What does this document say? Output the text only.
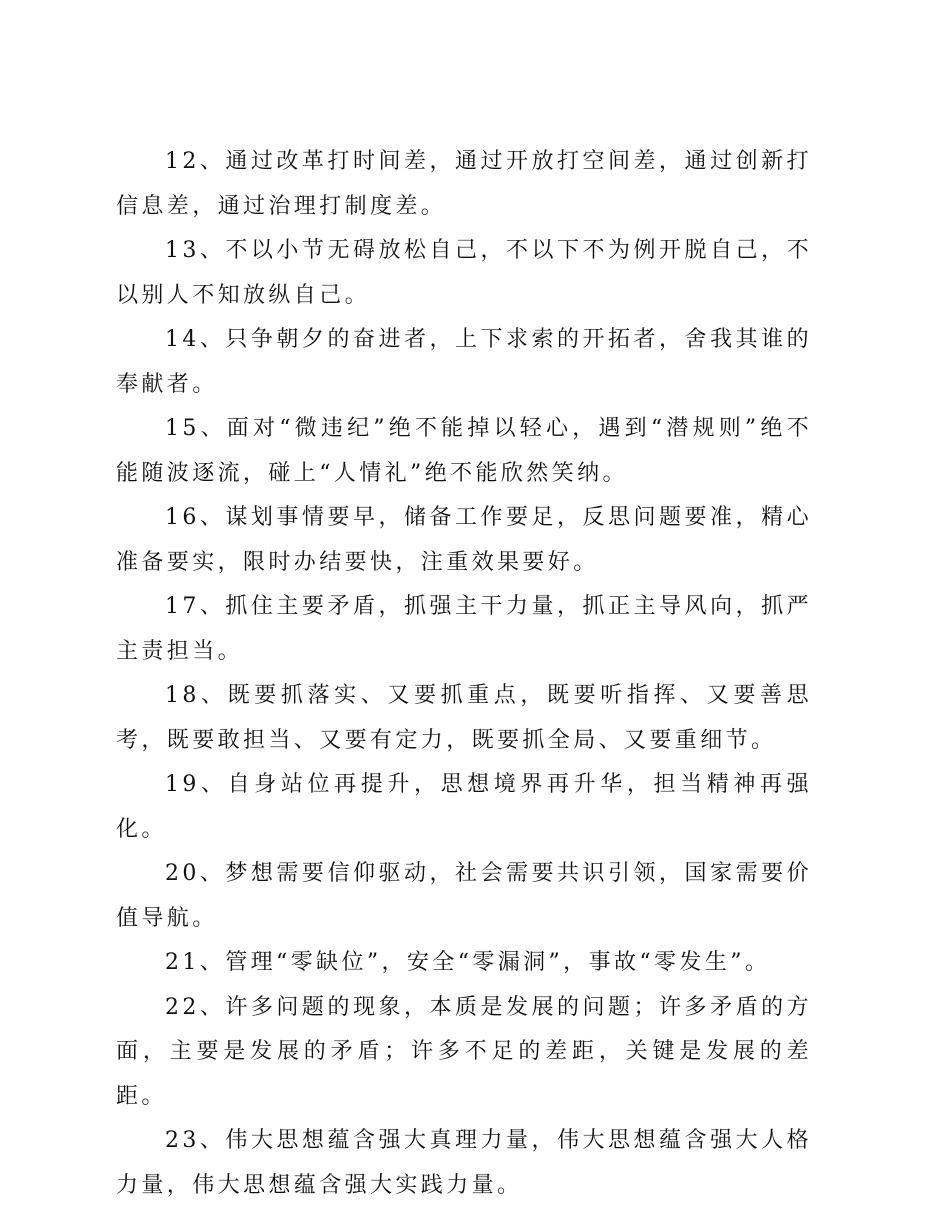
12、通过改革打时间差，通过开放打空间差，通过创新打信息差，通过治理打制度差。

13、不以小节无碍放松自己，不以下不为例开脱自己，不以别人不知放纵自己。

14、只争朝夕的奋进者，上下求索的开拓者，舍我其谁的奉献者。

15、面对“微违纪”绝不能掉以轻心，遇到“潜规则”绝不能随波逐流，碰上“人情礼”绝不能欣然笑纳。

16、谋划事情要早，储备工作要足，反思问题要准，精心准备要实，限时办结要快，注重效果要好。

17、抓住主要矛盾，抓强主干力量，抓正主导风向，抓严主责担当。

18、既要抓落实、又要抓重点，既要听指挥、又要善思考，既要敢担当、又要有定力，既要抓全局、又要重细节。

19、自身站位再提升，思想境界再升华，担当精神再强化。

20、梦想需要信仰驱动，社会需要共识引领，国家需要价值导航。

21、管理“零缺位”，安全“零漏洞”，事故“零发生”。

22、许多问题的现象，本质是发展的问题；许多矛盾的方面，主要是发展的矛盾；许多不足的差距，关键是发展的差距。

23、伟大思想蕴含强大真理力量，伟大思想蕴含强大人格力量，伟大思想蕴含强大实践力量。
